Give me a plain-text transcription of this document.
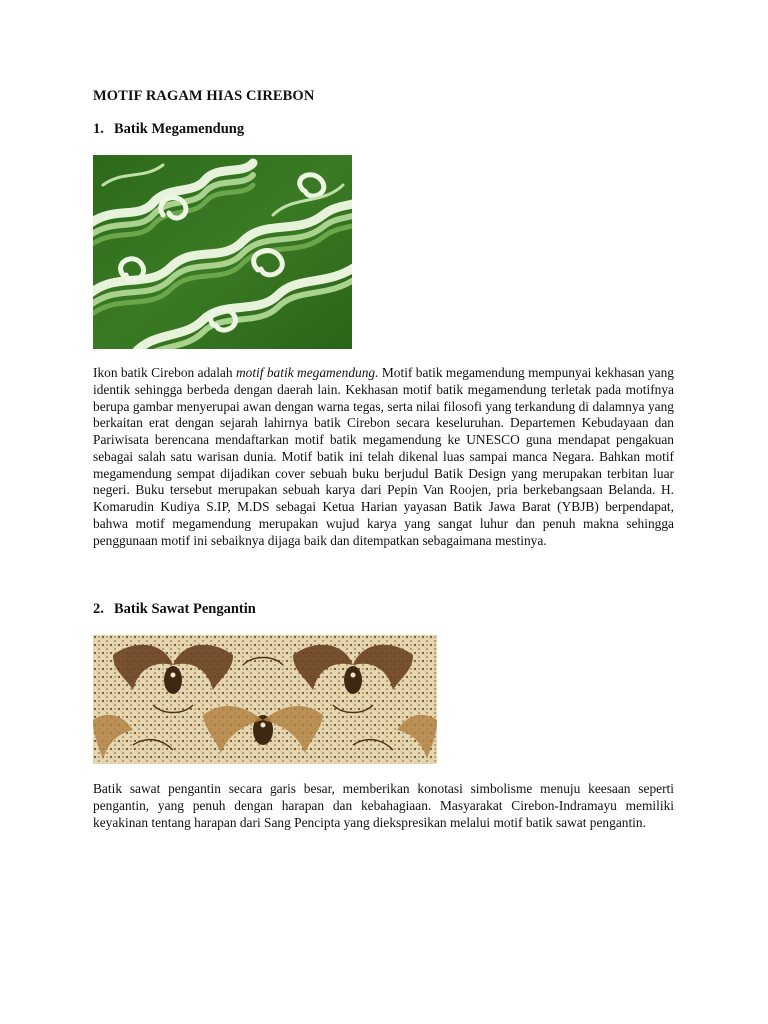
MOTIF RAGAM HIAS CIREBON
1. Batik Megamendung

Ikon batik Cirebon adalah motif batik megamendung. Motif batik megamendung mempunyai kekhasan yang identik sehingga berbeda dengan daerah lain. Kekhasan motif batik megamendung terletak pada motifnya berupa gambar menyerupai awan dengan warna tegas, serta nilai filosofi yang terkandung di dalamnya yang berkaitan erat dengan sejarah lahirnya batik Cirebon secara keseluruhan. Departemen Kebudayaan dan Pariwisata berencana mendaftarkan motif batik megamendung ke UNESCO guna mendapat pengakuan sebagai salah satu warisan dunia. Motif batik ini telah dikenal luas sampai manca Negara. Bahkan motif megamendung sempat dijadikan cover sebuah buku berjudul Batik Design yang merupakan terbitan luar negeri. Buku tersebut merupakan sebuah karya dari Pepin Van Roojen, pria berkebangsaan Belanda. H. Komarudin Kudiya S.IP, M.DS sebagai Ketua Harian yayasan Batik Jawa Barat (YBJB) berpendapat, bahwa motif megamendung merupakan wujud karya yang sangat luhur dan penuh makna sehingga penggunaan motif ini sebaiknya dijaga baik dan ditempatkan sebagaimana mestinya.

2. Batik Sawat Pengantin

Batik sawat pengantin secara garis besar, memberikan konotasi simbolisme menuju keesaan seperti pengantin, yang penuh dengan harapan dan kebahagiaan. Masyarakat Cirebon-Indramayu memiliki keyakinan tentang harapan dari Sang Pencipta yang diekspresikan melalui motif batik sawat pengantin.
